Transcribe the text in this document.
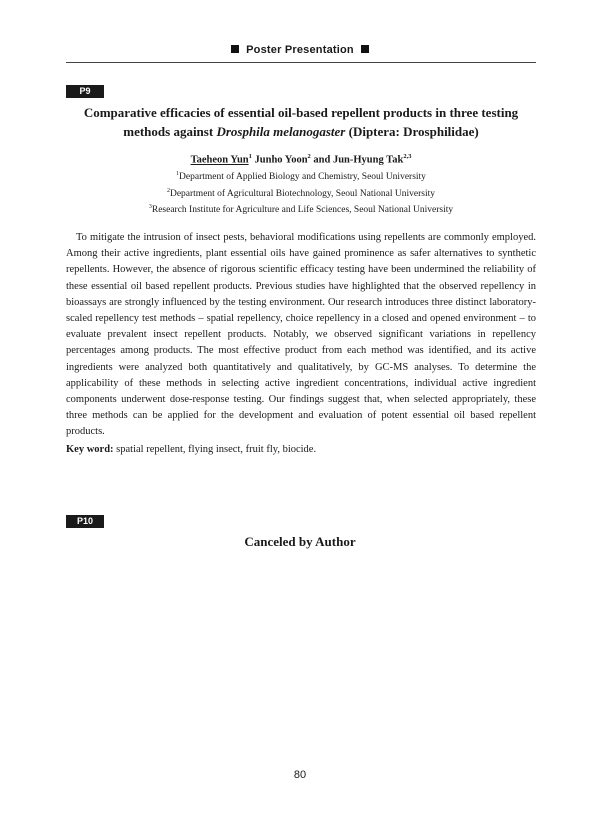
Poster Presentation
P9
Comparative efficacies of essential oil-based repellent products in three testing methods against Drosphila melanogaster (Diptera: Drosphilidae)
Taeheon Yun$^1$ Junho Yoon$^2$ and Jun-Hyung Tak$^{2,3}$
$^1$Department of Applied Biology and Chemistry, Seoul University
$^2$Department of Agricultural Biotechnology, Seoul National University
$^3$Research Institute for Agriculture and Life Sciences, Seoul National University

To mitigate the intrusion of insect pests, behavioral modifications using repellents are commonly employed. Among their active ingredients, plant essential oils have gained prominence as safer alternatives to synthetic repellents. However, the absence of rigorous scientific efficacy testing have been undermined the reliability of these essential oil based repellent products. Previous studies have highlighted that the observed repellency in bioassays are strongly influenced by the testing environment. Our research introduces three distinct laboratory-scaled repellency test methods – spatial repellency, choice repellency in a closed and opened environment – to evaluate prevalent insect repellent products. Notably, we observed significant variations in repellency percentages among products. The most effective product from each method was identified, and its active ingredients were analyzed both quantitatively and qualitatively, by GC-MS analyses. To determine the applicability of these methods in selecting active ingredient concentrations, individual active ingredient components underwent dose-response testing. Our findings suggest that, when selected appropriately, these three methods can be applied for the development and evaluation of potent essential oil based repellent products.

Key word: spatial repellent, flying insect, fruit fly, biocide.
P10
Canceled by Author
80
